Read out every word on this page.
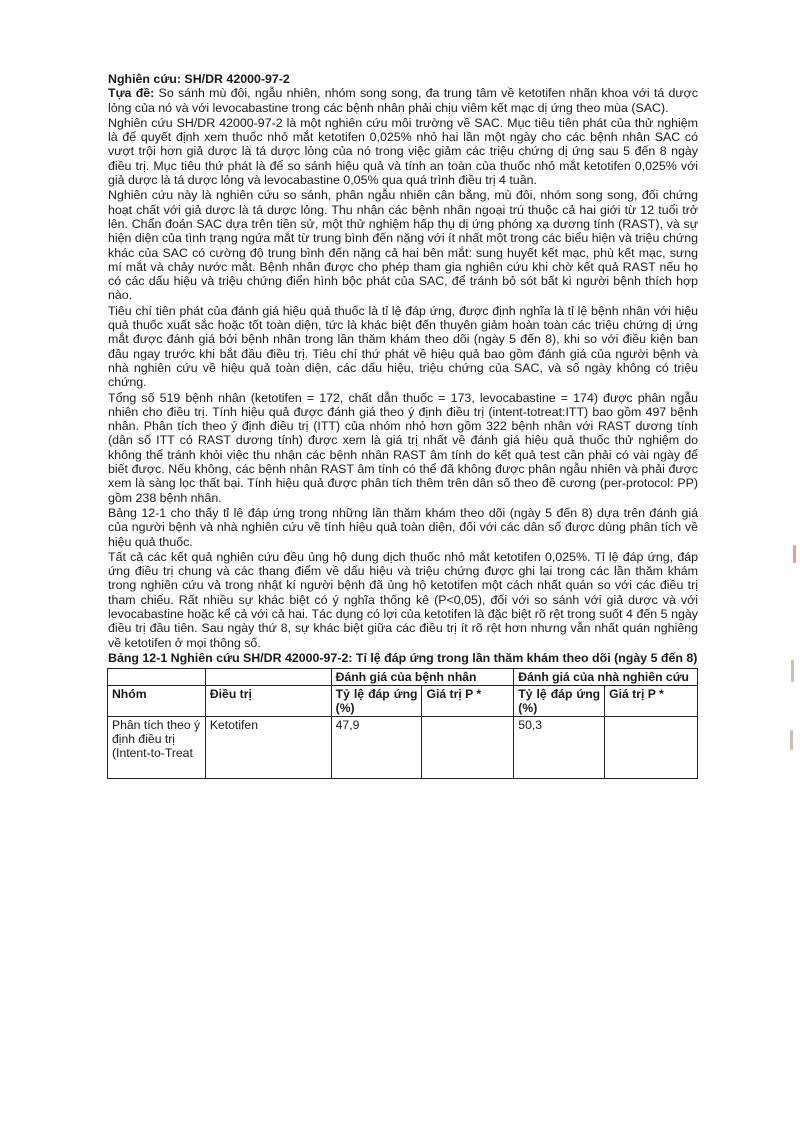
Nghiên cứu: SH/DR 42000-97-2

Tựa đề: So sánh mù đôi, ngẫu nhiên, nhóm song song, đa trung tâm về ketotifen nhãn khoa với tá dược lỏng của nó và với levocabastine trong các bệnh nhân phải chịu viêm kết mạc dị ứng theo mùa (SAC).

Nghiên cứu SH/DR 42000-97-2 là một nghiên cứu môi trường về SAC. Mục tiêu tiên phát của thử nghiệm là để quyết định xem thuốc nhỏ mắt ketotifen 0,025% nhỏ hai lần một ngày cho các bệnh nhân SAC có vượt trội hơn giả dược là tá dược lỏng của nó trong việc giảm các triệu chứng dị ứng sau 5 đến 8 ngày điều trị. Mục tiêu thứ phát là để so sánh hiệu quả và tính an toàn của thuốc nhỏ mắt ketotifen 0,025% với giả dược là tá dược lỏng và levocabastine 0,05% qua quá trình điều trị 4 tuần.

Nghiên cứu này là nghiên cứu so sánh, phân ngẫu nhiên cân bằng, mù đôi, nhóm song song, đối chứng hoạt chất với giả dược là tá dược lỏng. Thu nhận các bệnh nhân ngoại trú thuộc cả hai giới từ 12 tuổi trở lên. Chẩn đoán SAC dựa trên tiền sử, một thử nghiệm hấp thụ dị ứng phóng xạ dương tính (RAST), và sự hiện diện của tình trạng ngứa mắt từ trung bình đến nặng với ít nhất một trong các biểu hiện và triệu chứng khác của SAC có cường độ trung bình đến nặng cả hai bên mắt: sung huyết kết mạc, phù kết mạc, sưng mí mắt và chảy nước mắt. Bệnh nhân được cho phép tham gia nghiên cứu khi chờ kết quả RAST nếu họ có các dấu hiệu và triệu chứng điển hình bộc phát của SAC, để tránh bỏ sót bất kì người bệnh thích hợp nào.

Tiêu chí tiên phát của đánh giá hiệu quả thuốc là tỉ lệ đáp ứng, được định nghĩa là tỉ lệ bệnh nhân với hiệu quả thuốc xuất sắc hoặc tốt toàn diện, tức là khác biệt đến thuyên giảm hoàn toàn các triệu chứng dị ứng mắt được đánh giá bởi bệnh nhân trong lần thăm khám theo dõi (ngày 5 đến 8), khi so với điều kiện ban đầu ngay trước khi bắt đầu điều trị. Tiêu chí thứ phát về hiệu quả bao gồm đánh giá của người bệnh và nhà nghiên cứu về hiệu quả toàn diện, các dấu hiệu, triệu chứng của SAC, và số ngày không có triệu chứng.

Tổng số 519 bệnh nhân (ketotifen = 172, chất dẫn thuốc = 173, levocabastine = 174) được phân ngẫu nhiên cho điều trị. Tính hiệu quả được đánh giá theo ý định điều trị (intent-totreat:ITT) bao gồm 497 bệnh nhân. Phân tích theo ý định điều trị (ITT) của nhóm nhỏ hơn gồm 322 bệnh nhân với RAST dương tính (dân số ITT có RAST dương tính) được xem là giá trị nhất về đánh giá hiệu quả thuốc thử nghiệm do không thể tránh khỏi việc thu nhận các bệnh nhân RAST âm tính do kết quả test cần phải có vài ngày để biết được. Nếu không, các bệnh nhân RAST âm tính có thể đã không được phân ngẫu nhiên và phải được xem là sàng lọc thất bại. Tính hiệu quả được phân tích thêm trên dân số theo đề cương (per-protocol: PP) gồm 238 bệnh nhân.

Bảng 12-1 cho thấy tỉ lệ đáp ứng trong những lần thăm khám theo dõi (ngày 5 đến 8) dựa trên đánh giá của người bệnh và nhà nghiên cứu về tính hiệu quả toàn diện, đối với các dân số được dùng phân tích về hiệu quả thuốc.

Tất cả các kết quả nghiên cứu đều ủng hộ dung dịch thuốc nhỏ mắt ketotifen 0,025%. Tỉ lệ đáp ứng, đáp ứng điều trị chung và các thang điểm về dấu hiệu và triệu chứng được ghi lại trong các lần thăm khám trong nghiên cứu và trong nhật kí người bệnh đã ủng hộ ketotifen một cách nhất quán so với các điều trị tham chiếu. Rất nhiều sự khác biệt có ý nghĩa thống kê (P<0,05), đối với so sánh với giả dược và với levocabastine hoặc kể cả với cả hai. Tác dụng có lợi của ketotifen là đặc biệt rõ rệt trong suốt 4 đến 5 ngày điều trị đầu tiên. Sau ngày thứ 8, sự khác biệt giữa các điều trị ít rõ rệt hơn nhưng vẫn nhất quán nghiêng về ketotifen ở mọi thông số.

Bảng 12-1 Nghiên cứu SH/DR 42000-97-2: Tỉ lệ đáp ứng trong lần thăm khám theo dõi (ngày 5 đến 8)

		Đánh giá của bệnh nhân		Đánh giá của nhà nghiên cứu	
Nhóm	Điều trị	Tỷ lệ đáp ứng (%)	Giá trị P *	Tỷ lệ đáp ứng (%)	Giá trị P *
Phân tích theo ý định điều trị (Intent-to-Treat	Ketotifen	47,9		50,3	
